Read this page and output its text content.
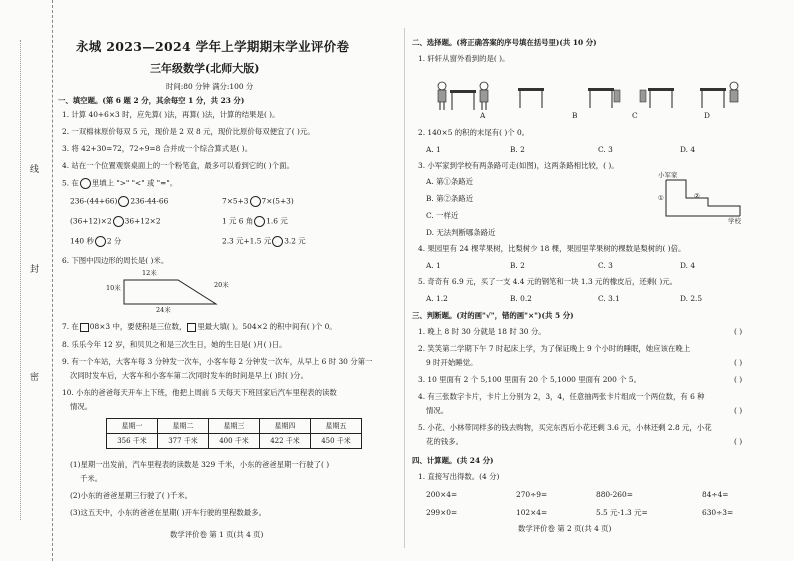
线
封
密
永城 2023—2024 学年上学期期末学业评价卷
三年级数学(北师大版)
时间:80 分钟 满分:100 分
一、填空题。(第 6 题 2 分，其余每空 1 分，共 23 分)
1. 计算 40+6×3 时，应先算( )法，再算( )法，计算的结果是( )。
2. 一双棉袜原价每双 5 元，现价是 2 双 8 元，现价比原价每双便宜了( )元。
3. 将 42+30=72，72÷9=8 合并成一个综合算式是( )。
4. 站在一个位置观察桌面上的一个粉笔盒，最多可以看到它的( )个面。
5. 在 里填上 ">" "<" 或 "="。
236-(44+66) 236-44-66	7×5+3 7×(5+3)
(36+12)×2 36+12×2	1 元 6 角 1.6 元
140 秒 2 分	2.3 元+1.5 元 3.2 元
6. 下图中四边形的周长是( )米。
12米
10米	20米
24米
7. 在 08×3 中，要使积是三位数， 里最大填( )。504×2 的积中间有( )个 0。
8. 乐乐今年 12 岁，和贝贝之和是三次生日，她的生日是( )月( )日。
9. 有一个车站，大客车每 3 分钟发一次车，小客车每 2 分钟发一次车，从早上 6 时 30 分第一
次同时发车后，大客车和小客车第二次同时发车的时间是早上( )时( )分。
10. 小东的爸爸每天开车上下班，他把上周前 5 天每天下班回家后汽车里程表的读数
情况。
星期一	星期二	星期三	星期四	星期五
356 千米	377 千米	400 千米	422 千米	450 千米
(1)星期一出发前，汽车里程表的读数是 329 千米，小东的爸爸星期一行驶了( )
千米。
(2)小东的爸爸星期三行驶了( )千米。
(3)这五天中，小东的爸爸在星期( )开车行驶的里程数最多。
数学评价卷 第 1 页(共 4 页)
二、选择题。(将正确答案的序号填在括号里)(共 10 分)
1. 轩轩从窗外看到的是( )。
A	B	C	D
2. 140×5 的积的末尾有( )个 0。
A. 1	B. 2	C. 3	D. 4
3. 小军家到学校有两条路可走(如图)，这两条路相比较，( )。
A. 第①条路近
B. 第②条路近
C. 一样近
D. 无法判断哪条路近
小军家
学校
①	②
4. 果园里有 24 棵苹果树，比梨树少 18 棵，果园里苹果树的棵数是梨树的( )倍。
A. 1	B. 2	C. 3	D. 4
5. 奇奇有 6.9 元，买了一支 4.4 元的钢笔和一块 1.3 元的橡皮后，还剩( )元。
A. 1.2	B. 0.2	C. 3.1	D. 2.5
三、判断题。(对的画"√"，错的画"×")(共 5 分)
1. 晚上 8 时 30 分就是 18 时 30 分。	( )
2. 笑笑第二学期下午 7 时起床上学，为了保证晚上 9 个小时的睡眠，她应该在晚上
9 时开始睡觉。	( )
3. 10 里面有 2 个 5,100 里面有 20 个 5,1000 里面有 200 个 5。	( )
4. 有三张数字卡片，卡片上分别为 2，3，4，任意抽两张卡片组成一个两位数，有 6 种
情况。	( )
5. 小花、小林带同样多的钱去购物，买完东西后小花还剩 3.6 元，小林还剩 2.8 元，小花
花的钱多。	( )
四、计算题。(共 24 分)
1. 直接写出得数。(4 分)
200×4=	270÷9=	880-260=	84÷4=
299×0=	102×4=	5.5 元-1.3 元=	630÷3=
数学评价卷 第 2 页(共 4 页)
